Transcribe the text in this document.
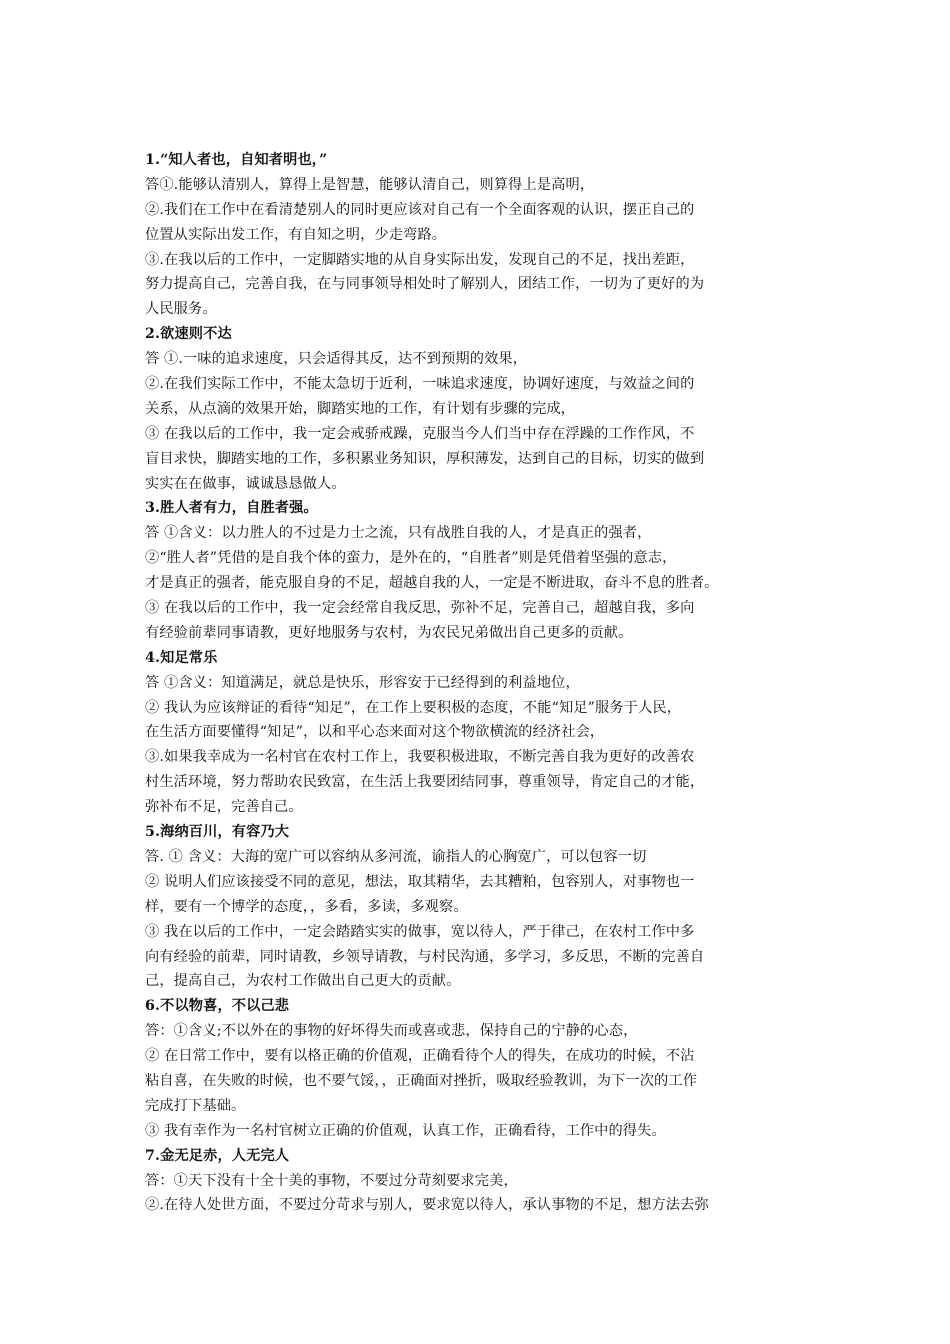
1.“知人者也，自知者明也，”
答①.能够认清别人，算得上是智慧，能够认清自己，则算得上是高明，
②.我们在工作中在看清楚别人的同时更应该对自己有一个全面客观的认识，摆正自己的
位置从实际出发工作，有自知之明，少走弯路。
③.在我以后的工作中，一定脚踏实地的从自身实际出发，发现自己的不足，找出差距，
努力提高自己，完善自我，在与同事领导相处时了解别人，团结工作，一切为了更好的为
人民服务。
2.欲速则不达
答 ①.一味的追求速度，只会适得其反，达不到预期的效果，
②.在我们实际工作中，不能太急切于近利，一味追求速度，协调好速度，与效益之间的
关系，从点滴的效果开始，脚踏实地的工作，有计划有步骤的完成，
③ 在我以后的工作中，我一定会戒骄戒躁，克服当今人们当中存在浮躁的工作作风，不
盲目求快，脚踏实地的工作，多积累业务知识，厚积薄发，达到自己的目标，切实的做到
实实在在做事，诚诚恳恳做人。
3.胜人者有力，自胜者强。
答 ①含义：以力胜人的不过是力士之流，只有战胜自我的人，才是真正的强者，
②“胜人者”凭借的是自我个体的蛮力，是外在的，“自胜者”则是凭借着坚强的意志，
才是真正的强者，能克服自身的不足，超越自我的人，一定是不断进取，奋斗不息的胜者。
③ 在我以后的工作中，我一定会经常自我反思，弥补不足，完善自己，超越自我，多向
有经验前辈同事请教，更好地服务与农村，为农民兄弟做出自己更多的贡献。
4.知足常乐
答 ①含义：知道满足，就总是快乐，形容安于已经得到的利益地位，
② 我认为应该辩证的看待“知足”，在工作上要积极的态度，不能“知足”服务于人民，
在生活方面要懂得“知足”，以和平心态来面对这个物欲横流的经济社会，
③.如果我幸成为一名村官在农村工作上，我要积极进取，不断完善自我为更好的改善农
村生活环境，努力帮助农民致富，在生活上我要团结同事，尊重领导，肯定自己的才能，
弥补布不足，完善自己。
5.海纳百川，有容乃大
答. ① 含义：大海的宽广可以容纳从多河流，谕指人的心胸宽广，可以包容一切
② 说明人们应该接受不同的意见，想法，取其精华，去其糟粕，包容别人，对事物也一
样，要有一个博学的态度，，多看，多读，多观察。
③ 我在以后的工作中，一定会踏踏实实的做事，宽以待人，严于律己，在农村工作中多
向有经验的前辈，同时请教，乡领导请教，与村民沟通，多学习，多反思，不断的完善自
己，提高自己，为农村工作做出自己更大的贡献。
6.不以物喜，不以己悲
答：①含义;不以外在的事物的好坏得失而或喜或悲，保持自己的宁静的心态，
② 在日常工作中，要有以格正确的价值观，正确看待个人的得失，在成功的时候，不沾
粘自喜，在失败的时候，也不要气馁，，正确面对挫折，吸取经验教训，为下一次的工作
完成打下基础。
③ 我有幸作为一名村官树立正确的价值观，认真工作，正确看待，工作中的得失。
7.金无足赤，人无完人
答：①天下没有十全十美的事物，不要过分苛刻要求完美，
②.在待人处世方面，不要过分苛求与别人，要求宽以待人，承认事物的不足，想方法去弥
